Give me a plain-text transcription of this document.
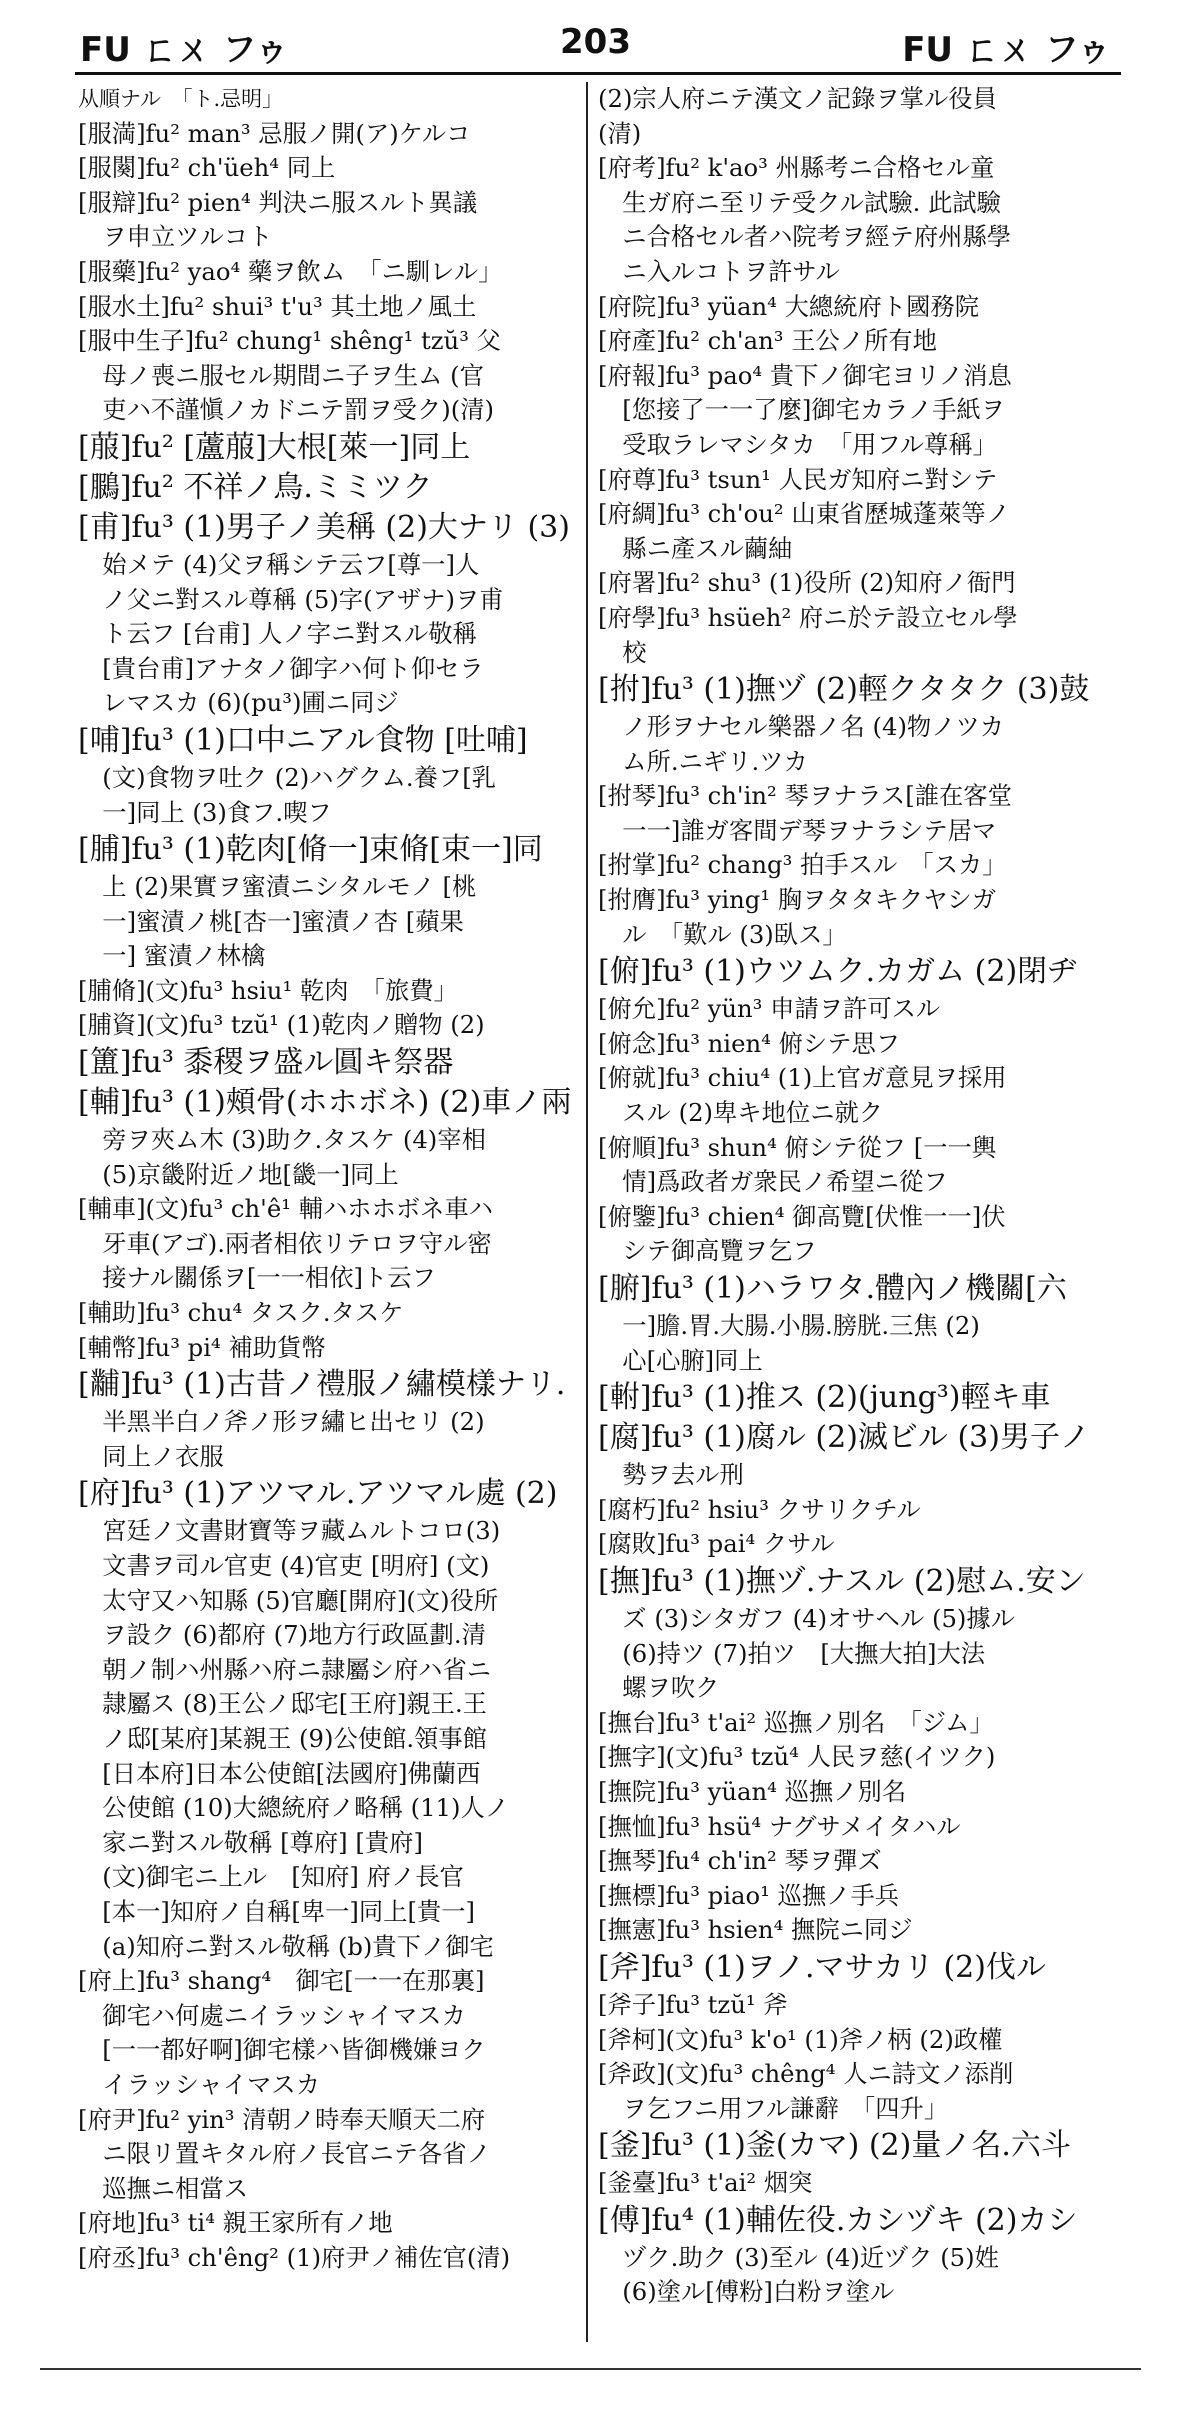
FU ㄈㄨ フゥ	203	FU ㄈㄨ フゥ
从順ナル　「ト.忌明」
[服満]fu² man³ 忌服ノ開(ア)ケルコ
[服闋]fu² ch'üeh⁴ 同上
[服辯]fu² pien⁴ 判決ニ服スルト異議
　ヲ申立ツルコト
[服藥]fu² yao⁴ 藥ヲ飲ム　「ニ馴レル」
[服水土]fu² shui³ t'u³ 其土地ノ風土
[服中生子]fu² chung¹ shêng¹ tzŭ³ 父
　母ノ喪ニ服セル期間ニ子ヲ生ム (官
　吏ハ不謹愼ノカドニテ罰ヲ受ク)(清)
[菔]fu² [蘆菔]大根[萊一]同上
[鵩]fu² 不祥ノ鳥.ミミツク
[甫]fu³ (1)男子ノ美稱 (2)大ナリ (3)
　始メテ (4)父ヲ稱シテ云フ[尊一]人
　ノ父ニ對スル尊稱 (5)字(アザナ)ヲ甫
　ト云フ [台甫] 人ノ字ニ對スル敬稱
　[貴台甫]アナタノ御字ハ何ト仰セラ
　レマスカ (6)(pu³)圃ニ同ジ
[哺]fu³ (1)口中ニアル食物 [吐哺]
　(文)食物ヲ吐ク (2)ハグクム.養フ[乳
　一]同上 (3)食フ.喫フ
[脯]fu³ (1)乾肉[脩一]束脩[束一]同
　上 (2)果實ヲ蜜漬ニシタルモノ [桃
　一]蜜漬ノ桃[杏一]蜜漬ノ杏 [蘋果
　一] 蜜漬ノ林檎
[脯脩](文)fu³ hsiu¹ 乾肉　「旅費」
[脯資](文)fu³ tzŭ¹ (1)乾肉ノ贈物 (2)
[簠]fu³ 黍稷ヲ盛ル圓キ祭器
[輔]fu³ (1)頰骨(ホホボネ) (2)車ノ兩
　旁ヲ夾ム木 (3)助ク.タスケ (4)宰相
　(5)京畿附近ノ地[畿一]同上
[輔車](文)fu³ ch'ê¹ 輔ハホホボネ車ハ
　牙車(アゴ).兩者相依リテロヲ守ル密
　接ナル關係ヲ[一一相依]ト云フ
[輔助]fu³ chu⁴ タスク.タスケ
[輔幣]fu³ pi⁴ 補助貨幣
[黼]fu³ (1)古昔ノ禮服ノ繡模樣ナリ.
　半黑半白ノ斧ノ形ヲ繡ヒ出セリ (2)
　同上ノ衣服
[府]fu³ (1)アツマル.アツマル處 (2)
　宮廷ノ文書財寶等ヲ藏ムルトコロ(3)
　文書ヲ司ル官吏 (4)官吏 [明府] (文)
　太守又ハ知縣 (5)官廳[開府](文)役所
　ヲ設ク (6)都府 (7)地方行政區劃.清
　朝ノ制ハ州縣ハ府ニ隷屬シ府ハ省ニ
　隷屬ス (8)王公ノ邸宅[王府]親王.王
　ノ邸[某府]某親王 (9)公使館.領事館
　[日本府]日本公使館[法國府]佛蘭西
　公使館 (10)大總統府ノ略稱 (11)人ノ
　家ニ對スル敬稱 [尊府] [貴府]
　(文)御宅ニ上ル　[知府] 府ノ長官
　[本一]知府ノ自稱[卑一]同上[貴一]
　(a)知府ニ對スル敬稱 (b)貴下ノ御宅
[府上]fu³ shang⁴　御宅[一一在那裏]
　御宅ハ何處ニイラッシャイマスカ
　[一一都好啊]御宅樣ハ皆御機嫌ヨク
　イラッシャイマスカ
[府尹]fu² yin³ 清朝ノ時奉天順天二府
　ニ限リ置キタル府ノ長官ニテ各省ノ
　巡撫ニ相當ス
[府地]fu³ ti⁴ 親王家所有ノ地
[府丞]fu³ ch'êng² (1)府尹ノ補佐官(清)
(2)宗人府ニテ漢文ノ記錄ヲ掌ル役員
(清)
[府考]fu² k'ao³ 州縣考ニ合格セル童
　生ガ府ニ至リテ受クル試驗. 此試驗
　ニ合格セル者ハ院考ヲ經テ府州縣學
　ニ入ルコトヲ許サル
[府院]fu³ yüan⁴ 大總統府ト國務院
[府產]fu² ch'an³ 王公ノ所有地
[府報]fu³ pao⁴ 貴下ノ御宅ヨリノ消息
　[您接了一一了麼]御宅カラノ手紙ヲ
　受取ラレマシタカ　「用フル尊稱」
[府尊]fu³ tsun¹ 人民ガ知府ニ對シテ
[府綢]fu³ ch'ou² 山東省歷城蓬萊等ノ
　縣ニ產スル繭紬
[府署]fu² shu³ (1)役所 (2)知府ノ衙門
[府學]fu³ hsüeh² 府ニ於テ設立セル學
　校
[拊]fu³ (1)撫ヅ (2)輕クタタク (3)鼓
　ノ形ヲナセル樂器ノ名 (4)物ノツカ
　ム所.ニギリ.ツカ
[拊琴]fu³ ch'in² 琴ヲナラス[誰在客堂
　一一]誰ガ客間デ琴ヲナラシテ居マ
[拊掌]fu² chang³ 拍手スル　「スカ」
[拊膺]fu³ ying¹ 胸ヲタタキクヤシガ
　ル　「歎ル (3)臥ス」
[俯]fu³ (1)ウツムク.カガム (2)閉ヂ
[俯允]fu² yün³ 申請ヲ許可スル
[俯念]fu³ nien⁴ 俯シテ思フ
[俯就]fu³ chiu⁴ (1)上官ガ意見ヲ採用
　スル (2)卑キ地位ニ就ク
[俯順]fu³ shun⁴ 俯シテ從フ [一一輿
　情]爲政者ガ衆民ノ希望ニ從フ
[俯鑒]fu³ chien⁴ 御高覽[伏惟一一]伏
　シテ御高覽ヲ乞フ
[腑]fu³ (1)ハラワタ.體內ノ機關[六
　一]膽.胃.大腸.小腸.膀胱.三焦 (2)
　心[心腑]同上
[軵]fu³ (1)推ス (2)(jung³)輕キ車
[腐]fu³ (1)腐ル (2)滅ビル (3)男子ノ
　勢ヲ去ル刑
[腐朽]fu² hsiu³ クサリクチル
[腐敗]fu³ pai⁴ クサル
[撫]fu³ (1)撫ヅ.ナスル (2)慰ム.安ン
　ズ (3)シタガフ (4)オサヘル (5)據ル
　(6)持ツ (7)拍ツ　[大撫大拍]大法
　螺ヲ吹ク
[撫台]fu³ t'ai² 巡撫ノ別名　「ジム」
[撫字](文)fu³ tzŭ⁴ 人民ヲ慈(イツク)
[撫院]fu³ yüan⁴ 巡撫ノ別名
[撫恤]fu³ hsü⁴ ナグサメイタハル
[撫琴]fu⁴ ch'in² 琴ヲ彈ズ
[撫標]fu³ piao¹ 巡撫ノ手兵
[撫憲]fu³ hsien⁴ 撫院ニ同ジ
[斧]fu³ (1)ヲノ.マサカリ (2)伐ル
[斧子]fu³ tzŭ¹ 斧
[斧柯](文)fu³ k'o¹ (1)斧ノ柄 (2)政權
[斧政](文)fu³ chêng⁴ 人ニ詩文ノ添削
　ヲ乞フニ用フル謙辭　「四升」
[釜]fu³ (1)釜(カマ) (2)量ノ名.六斗
[釜臺]fu³ t'ai² 烟突
[傅]fu⁴ (1)輔佐役.カシヅキ (2)カシ
　ヅク.助ク (3)至ル (4)近ヅク (5)姓
　(6)塗ル[傅粉]白粉ヲ塗ル
